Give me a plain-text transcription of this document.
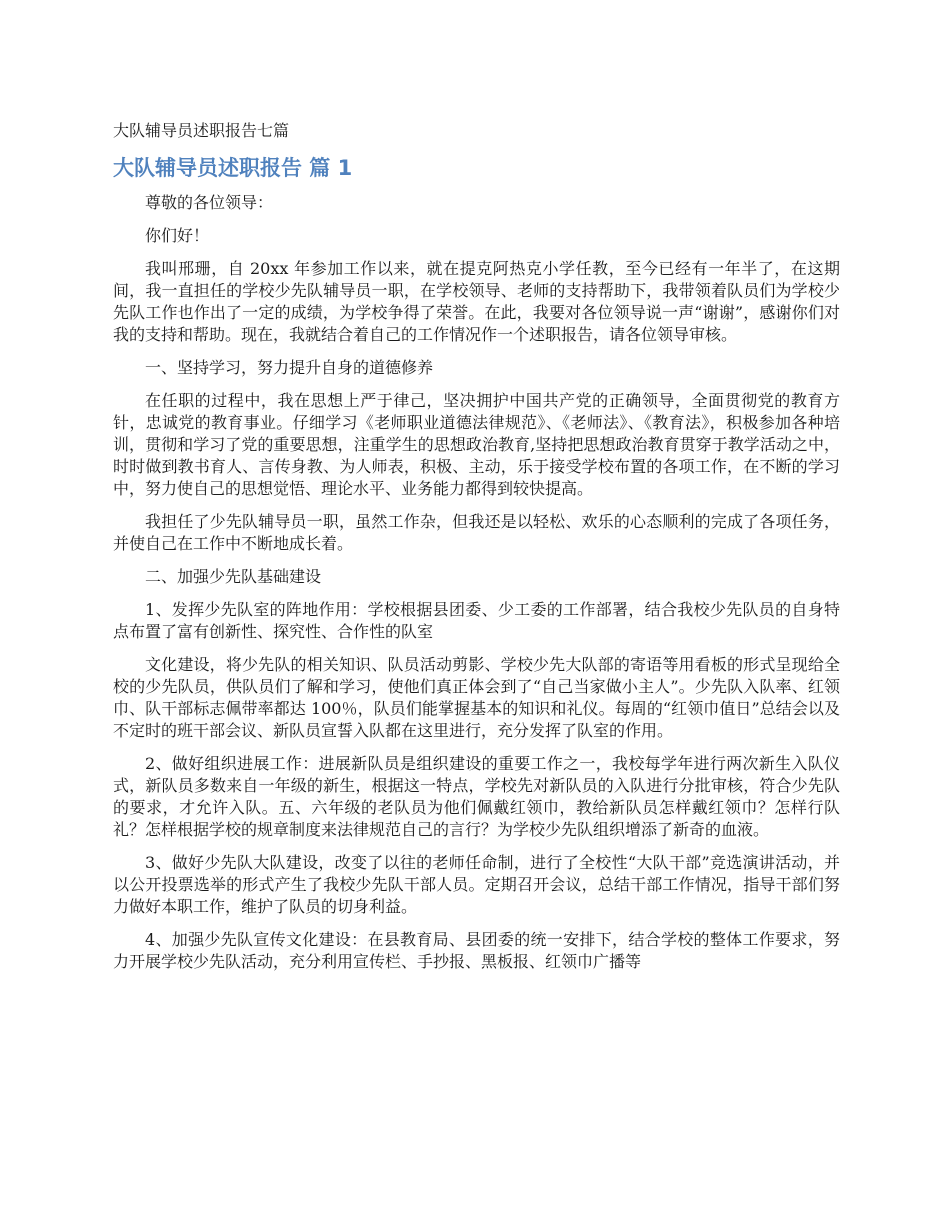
大队辅导员述职报告七篇
大队辅导员述职报告 篇 1

尊敬的各位领导：

你们好！

我叫邢珊，自 20xx 年参加工作以来，就在提克阿热克小学任教，至今已经有一年半了，在这期间，我一直担任的学校少先队辅导员一职，在学校领导、老师的支持帮助下，我带领着队员们为学校少先队工作也作出了一定的成绩，为学校争得了荣誉。在此，我要对各位领导说一声“谢谢”，感谢你们对我的支持和帮助。现在，我就结合着自己的工作情况作一个述职报告，请各位领导审核。

一、坚持学习，努力提升自身的道德修养

在任职的过程中，我在思想上严于律己，坚决拥护中国共产党的正确领导，全面贯彻党的教育方针，忠诚党的教育事业。仔细学习《老师职业道德法律规范》、《老师法》、《教育法》，积极参加各种培训，贯彻和学习了党的重要思想，注重学生的思想政治教育,坚持把思想政治教育贯穿于教学活动之中，时时做到教书育人、言传身教、为人师表，积极、主动，乐于接受学校布置的各项工作，在不断的学习中，努力使自己的思想觉悟、理论水平、业务能力都得到较快提高。

我担任了少先队辅导员一职，虽然工作杂，但我还是以轻松、欢乐的心态顺利的完成了各项任务，并使自己在工作中不断地成长着。

二、加强少先队基础建设

1、发挥少先队室的阵地作用：学校根据县团委、少工委的工作部署，结合我校少先队员的自身特点布置了富有创新性、探究性、合作性的队室

文化建设，将少先队的相关知识、队员活动剪影、学校少先大队部的寄语等用看板的形式呈现给全校的少先队员，供队员们了解和学习，使他们真正体会到了“自己当家做小主人”。少先队入队率、红领巾、队干部标志佩带率都达 100％，队员们能掌握基本的知识和礼仪。每周的“红领巾值日”总结会以及不定时的班干部会议、新队员宣誓入队都在这里进行，充分发挥了队室的作用。

2、做好组织进展工作：进展新队员是组织建设的重要工作之一，我校每学年进行两次新生入队仪式，新队员多数来自一年级的新生，根据这一特点，学校先对新队员的入队进行分批审核，符合少先队的要求，才允许入队。五、六年级的老队员为他们佩戴红领巾，教给新队员怎样戴红领巾？怎样行队礼？怎样根据学校的规章制度来法律规范自己的言行？为学校少先队组织增添了新奇的血液。

3、做好少先队大队建设，改变了以往的老师任命制，进行了全校性“大队干部”竞选演讲活动，并以公开投票选举的形式产生了我校少先队干部人员。定期召开会议，总结干部工作情况，指导干部们努力做好本职工作，维护了队员的切身利益。

4、加强少先队宣传文化建设：在县教育局、县团委的统一安排下，结合学校的整体工作要求，努力开展学校少先队活动，充分利用宣传栏、手抄报、黑板报、红领巾广播等
